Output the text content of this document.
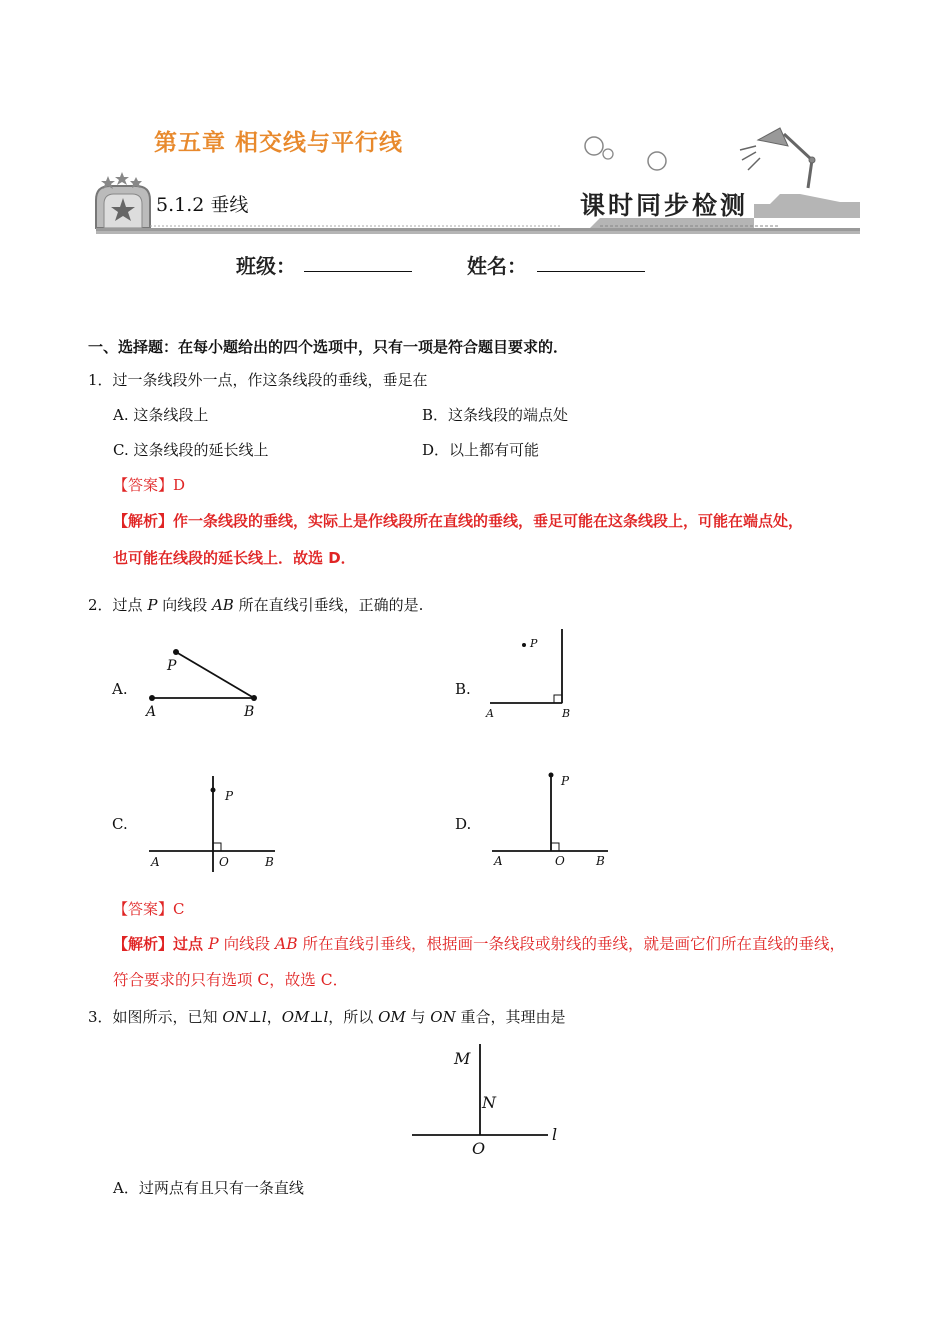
第五章 相交线与平行线
5.1.2 垂线	课时同步检测
班级：	姓名：
一、选择题：在每小题给出的四个选项中，只有一项是符合题目要求的．
1．过一条线段外一点，作这条线段的垂线，垂足在
A. 这条线段上	B．这条线段的端点处
C. 这条线段的延长线上	D．以上都有可能
【答案】D
【解析】作一条线段的垂线，实际上是作线段所在直线的垂线，垂足可能在这条线段上，可能在端点处，
也可能在线段的延长线上．故选 D．
2．过点 P 向线段 AB 所在直线引垂线，正确的是.
A.	B.
C.	D.
P
A	B
P
A	B
P
A	O	B
P
A	O	B
【答案】C
【解析】过点 P 向线段 AB 所在直线引垂线，根据画一条线段或射线的垂线，就是画它们所在直线的垂线，
符合要求的只有选项 C，故选 C．
3．如图所示，已知 ON⊥l，OM⊥l，所以 OM 与 ON 重合，其理由是
M
N
O
l
A．过两点有且只有一条直线
